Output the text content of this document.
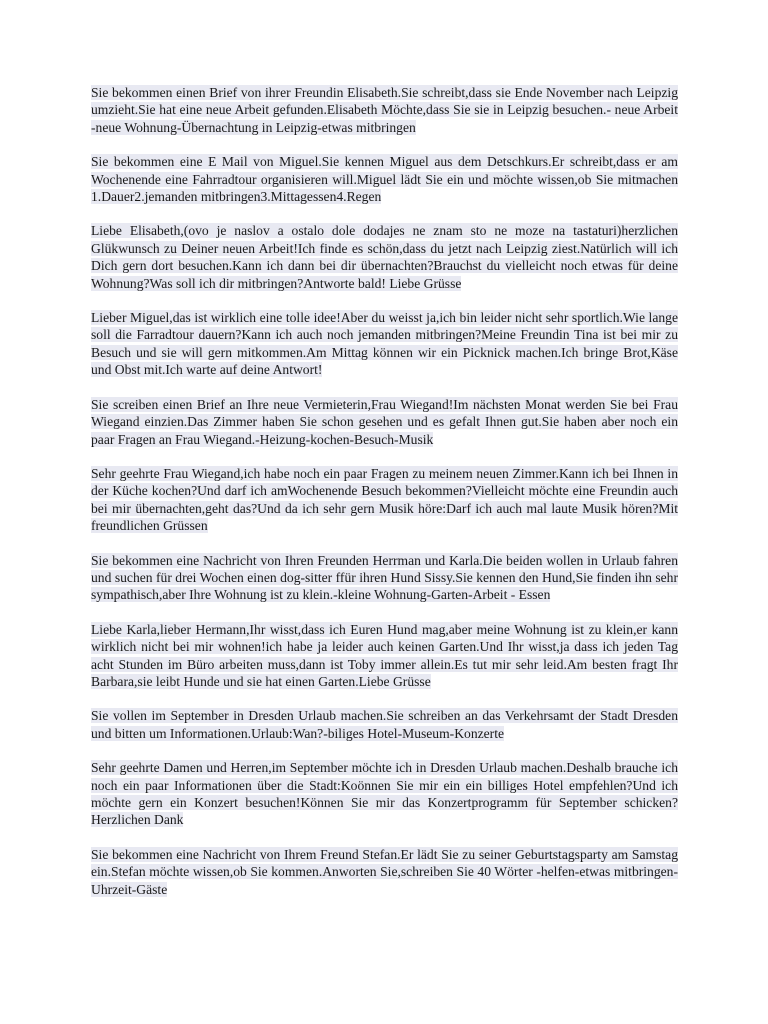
Sie bekommen einen Brief von ihrer Freundin Elisabeth.Sie schreibt,dass sie Ende November nach Leipzig umzieht.Sie hat eine neue Arbeit gefunden.Elisabeth Möchte,dass Sie sie in Leipzig besuchen.- neue Arbeit -neue Wohnung-Übernachtung in Leipzig-etwas mitbringen

Sie bekommen eine E Mail von Miguel.Sie kennen Miguel aus dem Detschkurs.Er schreibt,dass er am Wochenende eine Fahrradtour organisieren will.Miguel lädt Sie ein und möchte wissen,ob Sie mitmachen 1.Dauer2.jemanden mitbringen3.Mittagessen4.Regen

Liebe Elisabeth,(ovo je naslov a ostalo dole dodajes ne znam sto ne moze na tastaturi)herzlichen Glükwunsch zu Deiner neuen Arbeit!Ich finde es schön,dass du jetzt nach Leipzig ziest.Natürlich will ich Dich gern dort besuchen.Kann ich dann bei dir übernachten?Brauchst du vielleicht noch etwas für deine Wohnung?Was soll ich dir mitbringen?Antworte bald! Liebe Grüsse

Lieber Miguel,das ist wirklich eine tolle idee!Aber du weisst ja,ich bin leider nicht sehr sportlich.Wie lange soll die Farradtour dauern?Kann ich auch noch jemanden mitbringen?Meine Freundin Tina ist bei mir zu Besuch und sie will gern mitkommen.Am Mittag können wir ein Picknick machen.Ich bringe Brot,Käse und Obst mit.Ich warte auf deine Antwort!

Sie screiben einen Brief an Ihre neue Vermieterin,Frau Wiegand!Im nächsten Monat werden Sie bei Frau Wiegand einzien.Das Zimmer haben Sie schon gesehen und es gefalt Ihnen gut.Sie haben aber noch ein paar Fragen an Frau Wiegand.-Heizung-kochen-Besuch-Musik

Sehr geehrte Frau Wiegand,ich habe noch ein paar Fragen zu meinem neuen Zimmer.Kann ich bei Ihnen in der Küche kochen?Und darf ich amWochenende Besuch bekommen?Vielleicht möchte eine Freundin auch bei mir übernachten,geht das?Und da ich sehr gern Musik höre:Darf ich auch mal laute Musik hören?Mit freundlichen Grüssen

Sie bekommen eine Nachricht von Ihren Freunden Herrman und Karla.Die beiden wollen in Urlaub fahren und suchen für drei Wochen einen dog-sitter ffür ihren Hund Sissy.Sie kennen den Hund,Sie finden ihn sehr sympathisch,aber Ihre Wohnung ist zu klein.-kleine Wohnung-Garten-Arbeit - Essen

Liebe Karla,lieber Hermann,Ihr wisst,dass ich Euren Hund mag,aber meine Wohnung ist zu klein,er kann wirklich nicht bei mir wohnen!ich habe ja leider auch keinen Garten.Und Ihr wisst,ja dass ich jeden Tag acht Stunden im Büro arbeiten muss,dann ist Toby immer allein.Es tut mir sehr leid.Am besten fragt Ihr Barbara,sie leibt Hunde und sie hat einen Garten.Liebe Grüsse

Sie vollen im September in Dresden Urlaub machen.Sie schreiben an das Verkehrsamt der Stadt Dresden und bitten um Informationen.Urlaub:Wan?-biliges Hotel-Museum-Konzerte

Sehr geehrte Damen und Herren,im September möchte ich in Dresden Urlaub machen.Deshalb brauche ich noch ein paar Informationen über die Stadt:Koönnen Sie mir ein ein billiges Hotel empfehlen?Und ich möchte gern ein Konzert besuchen!Können Sie mir das Konzertprogramm für September schicken?Herzlichen Dank

Sie bekommen eine Nachricht von Ihrem Freund Stefan.Er lädt Sie zu seiner Geburtstagsparty am Samstag ein.Stefan möchte wissen,ob Sie kommen.Anworten Sie,schreiben Sie 40 Wörter -helfen-etwas mitbringen-Uhrzeit-Gäste
